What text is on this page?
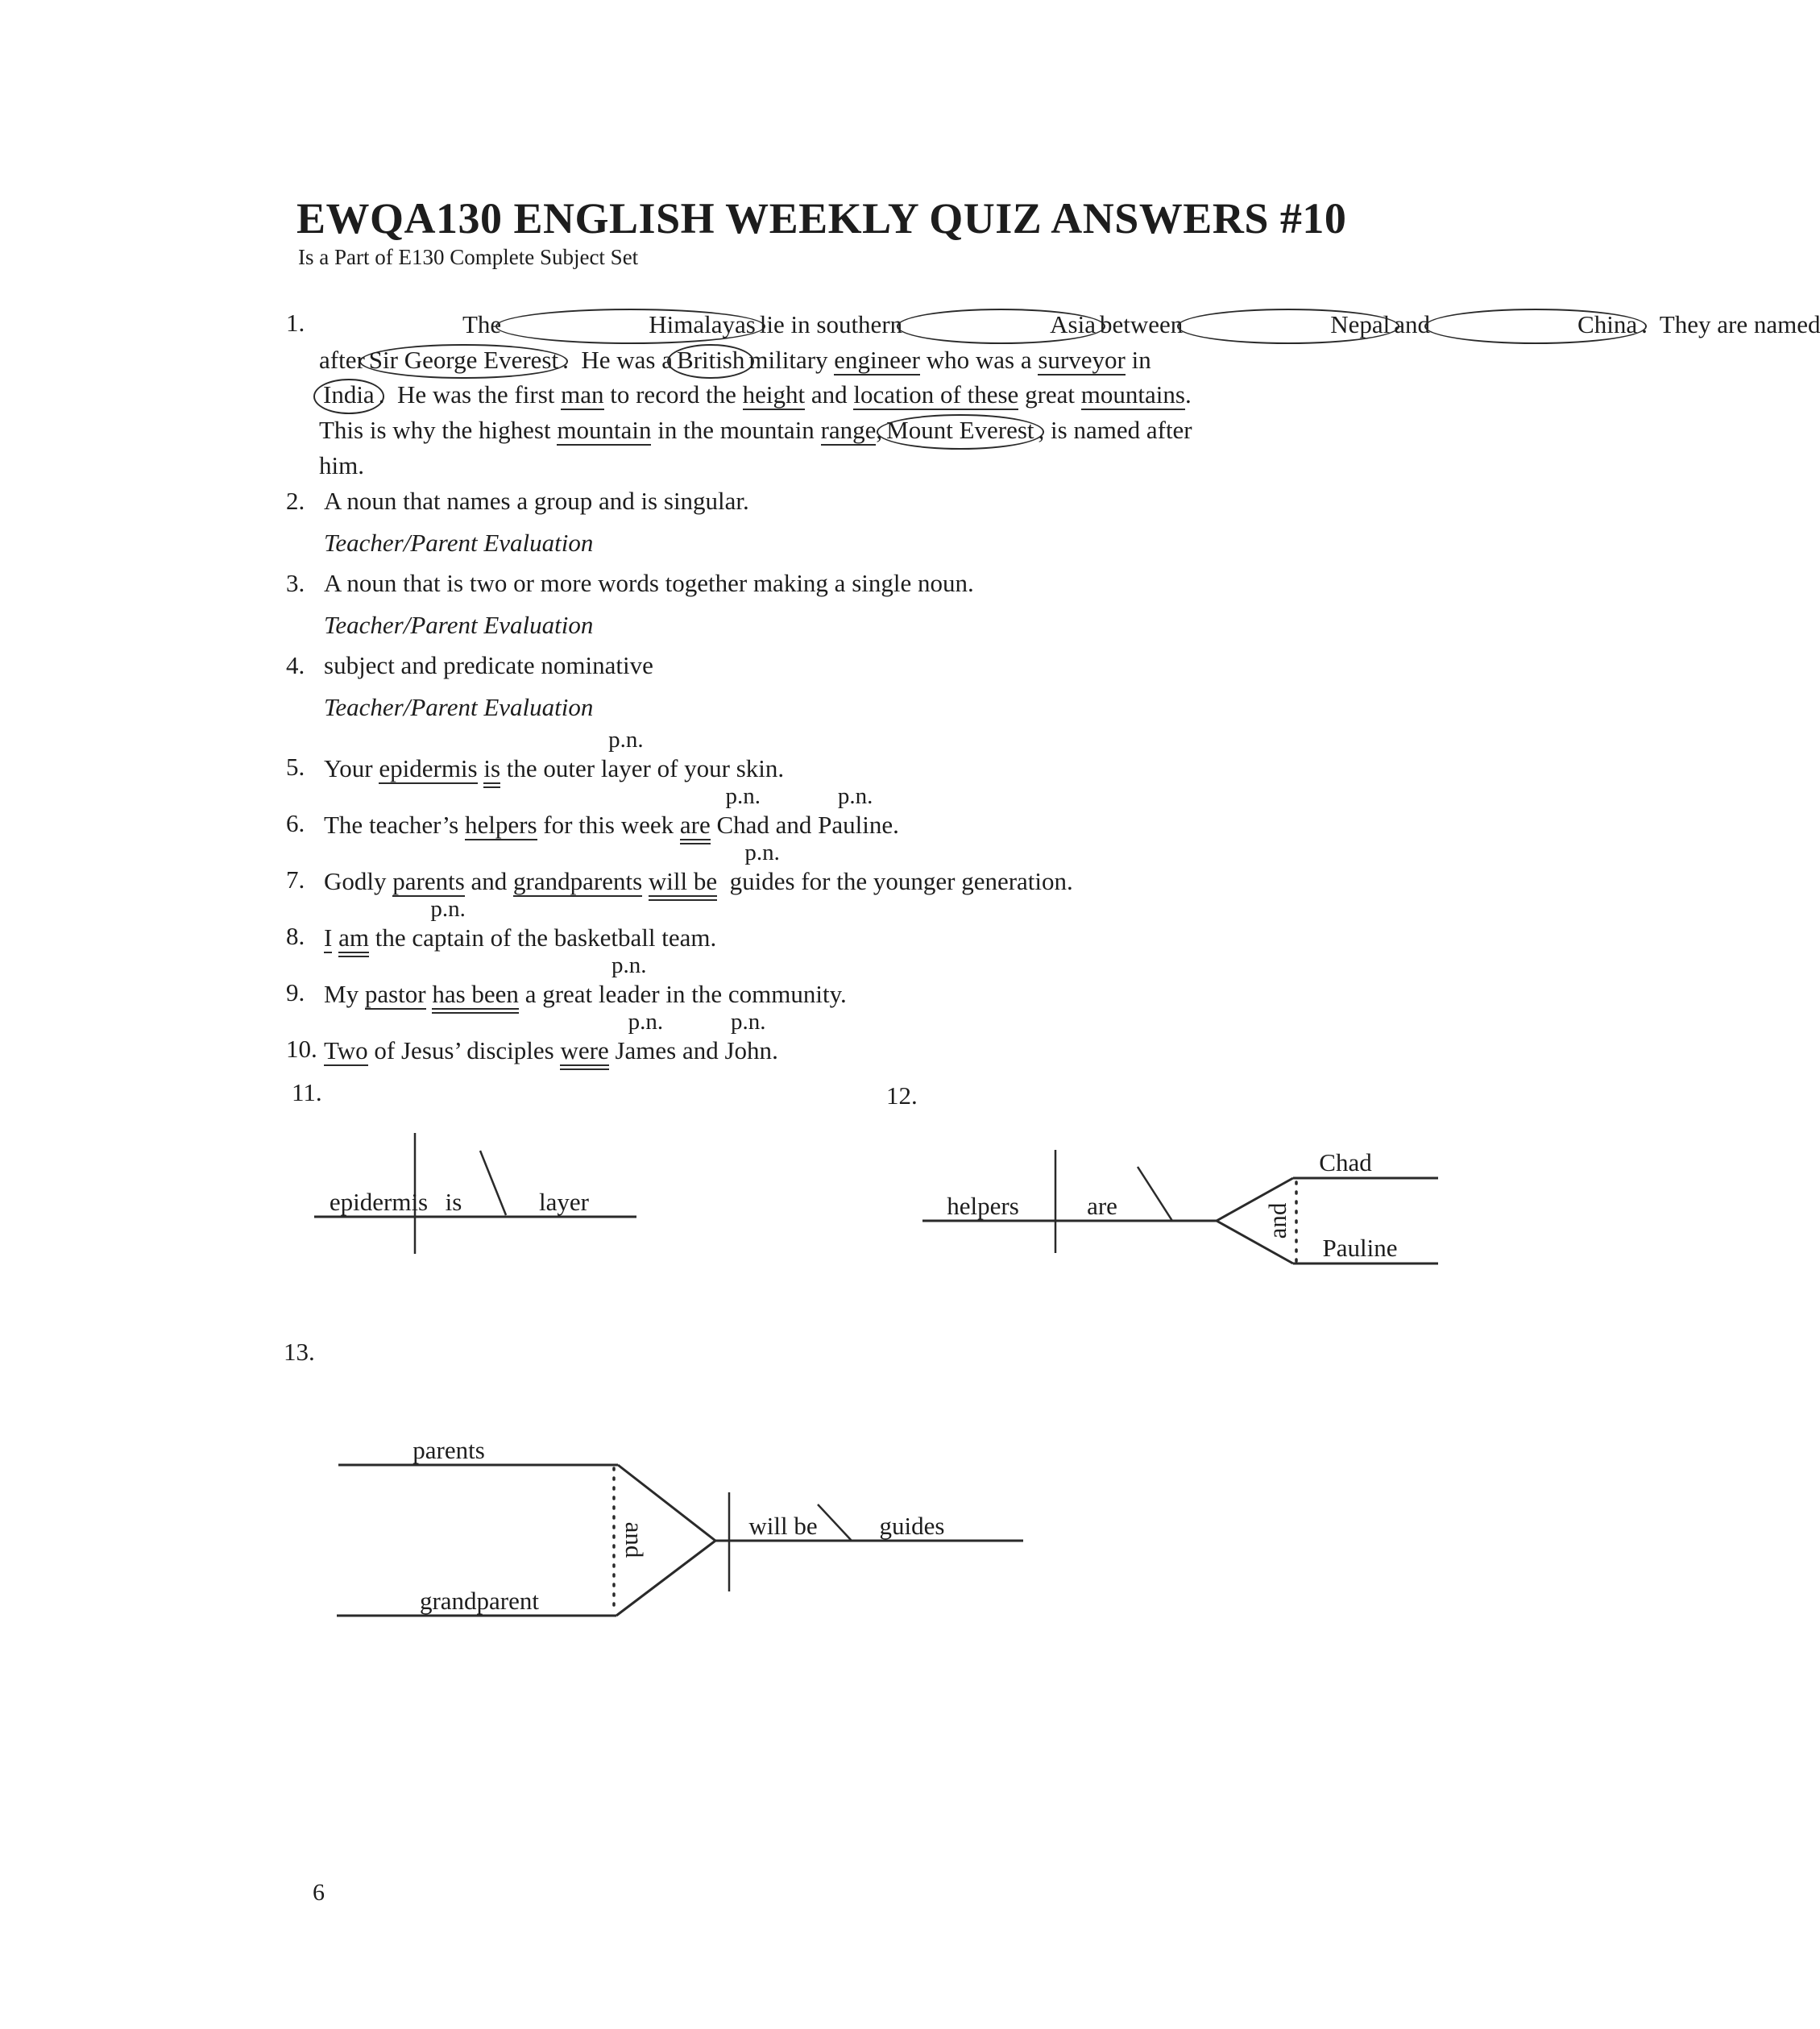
EWQA130 ENGLISH WEEKLY QUIZ ANSWERS #10
Is a Part of E130 Complete Subject Set
1.	The	Himalayas lie in southern	Asia between	Nepal and	China .  They are named
after Sir George Everest .  He was a British military engineer who was a surveyor in
India .  He was the first man to record the height and location of these great mountains.
This is why the highest mountain in the mountain range, Mount Everest , is named after
him.
2. A noun that names a group and is singular.
Teacher/Parent Evaluation
3. A noun that is two or more words together making a single noun.
Teacher/Parent Evaluation
4. subject and predicate nominative
Teacher/Parent Evaluation
5.
p.n.
Your epidermis is the outer layer of your skin.
6.
p.n.	p.n.
The teacher’s helpers for this week are Chad and Pauline.
7.
p.n.
Godly parents and grandparents will be guides for the younger generation.
8.
p.n.
I am the captain of the basketball team.
9.
p.n.
My pastor has been a great leader in the community.
10.
p.n.	p.n.
Two of Jesus’ disciples were James and John.
11.	12.
13.
epidermis is	layer	helpers	are
Chad
Pauline
and
parents
grandparent
and	will be guides
6
